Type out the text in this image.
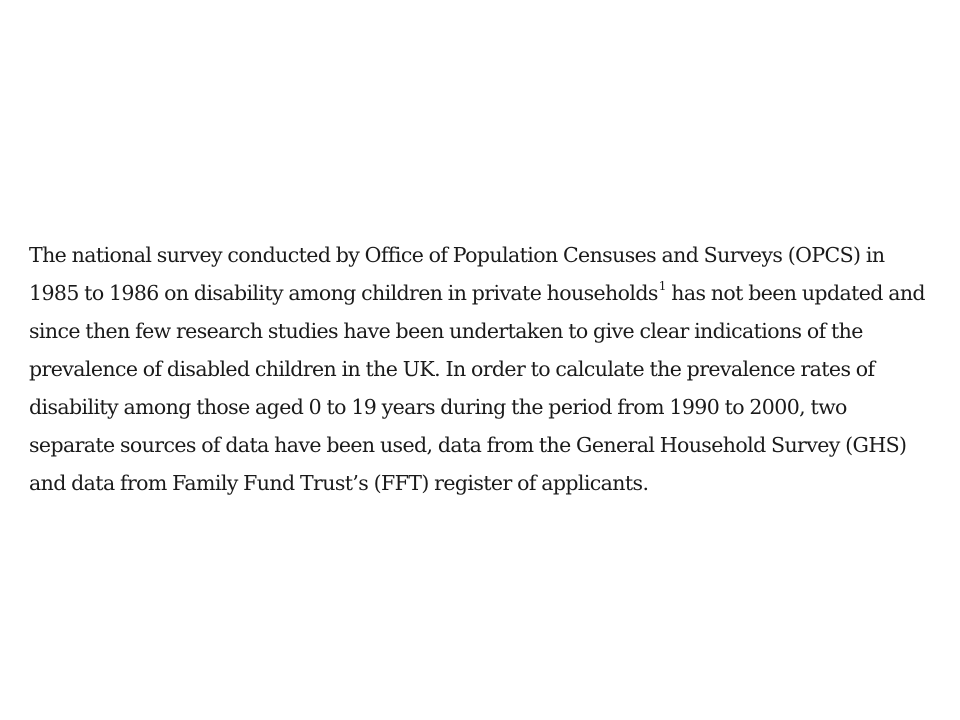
The national survey conducted by Office of Population Censuses and Surveys (OPCS) in
1985 to 1986 on disability among children in private households$^1$ has not been updated and
since then few research studies have been undertaken to give clear indications of the
prevalence of disabled children in the UK. In order to calculate the prevalence rates of
disability among those aged 0 to 19 years during the period from 1990 to 2000, two
separate sources of data have been used, data from the General Household Survey (GHS)
and data from Family Fund Trust’s (FFT) register of applicants.
